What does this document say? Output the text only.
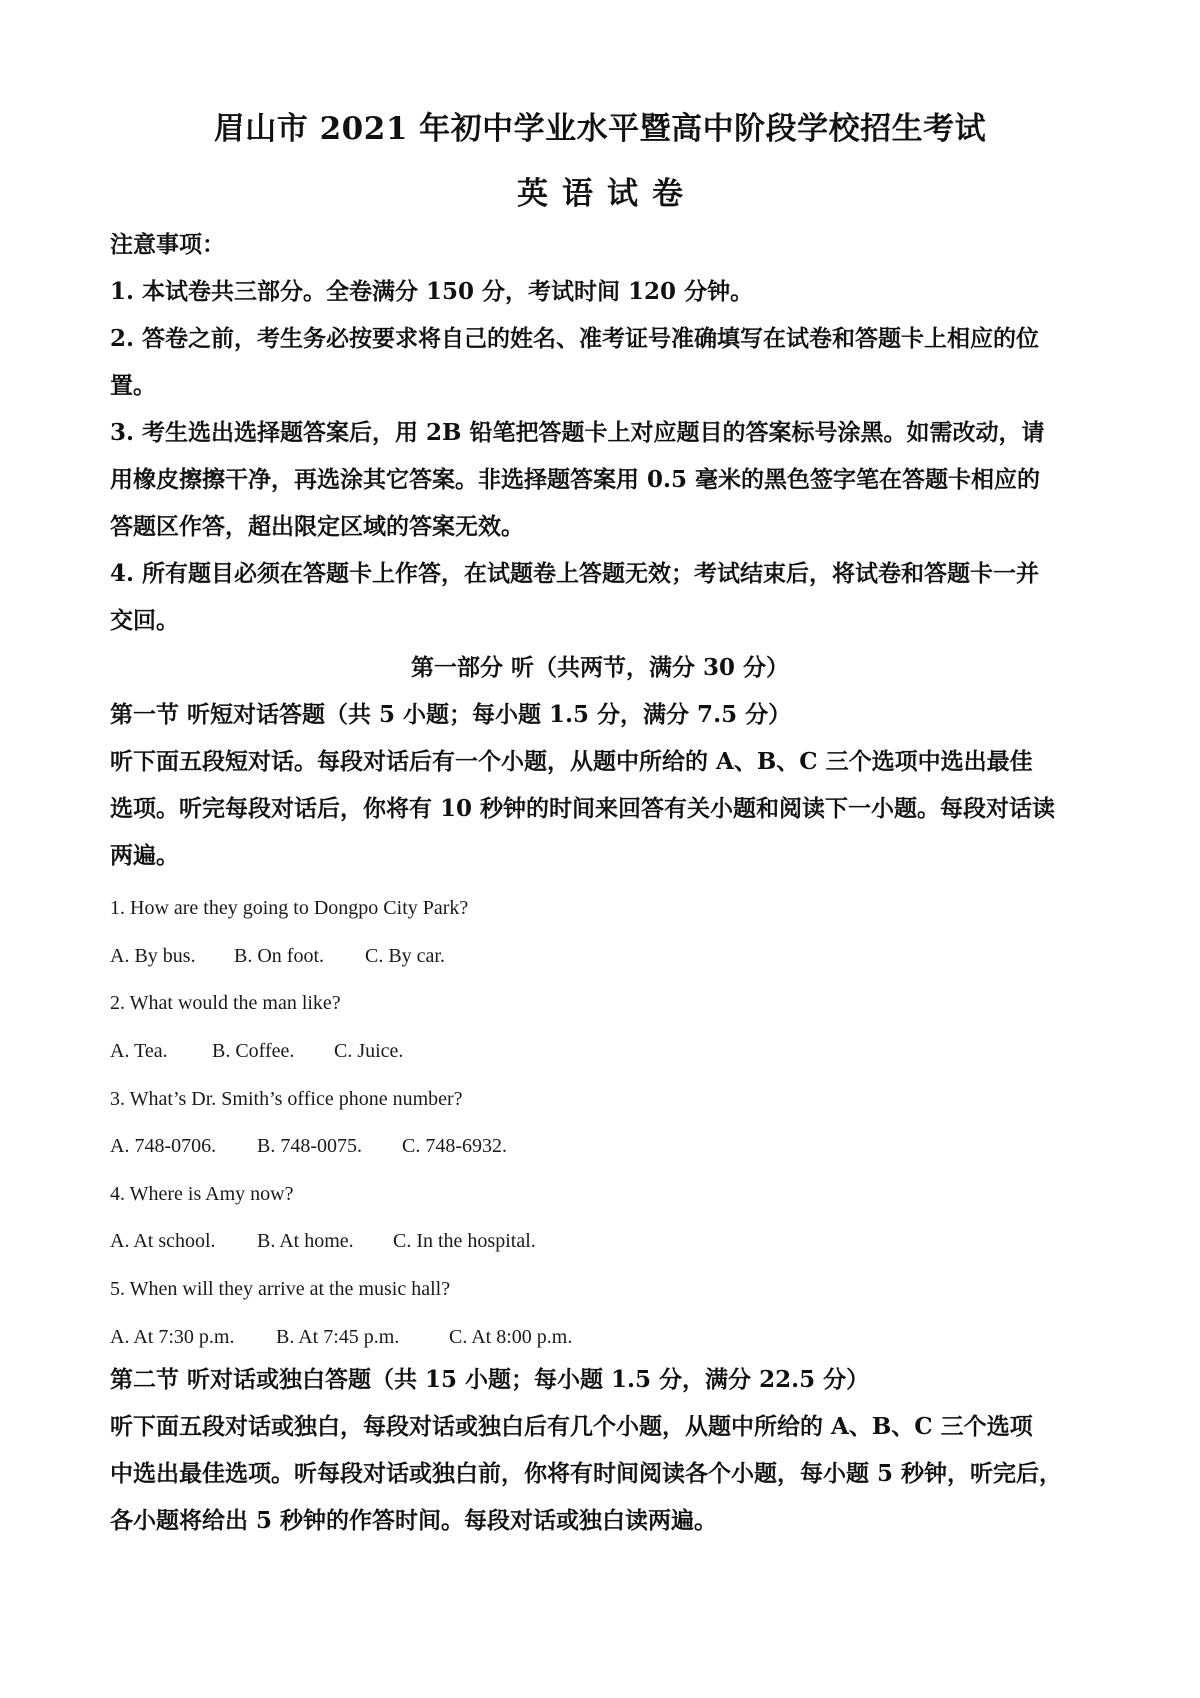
眉山市 2021 年初中学业水平暨高中阶段学校招生考试
英语试卷
注意事项：
1. 本试卷共三部分。全卷满分 150 分，考试时间 120 分钟。
2. 答卷之前，考生务必按要求将自己的姓名、准考证号准确填写在试卷和答题卡上相应的位
置。
3. 考生选出选择题答案后，用 2B 铅笔把答题卡上对应题目的答案标号涂黑。如需改动，请
用橡皮擦擦干净，再选涂其它答案。非选择题答案用 0.5 毫米的黑色签字笔在答题卡相应的
答题区作答，超出限定区域的答案无效。
4. 所有题目必须在答题卡上作答，在试题卷上答题无效；考试结束后，将试卷和答题卡一并
交回。
第一部分 听（共两节，满分 30 分）
第一节 听短对话答题（共 5 小题；每小题 1.5 分，满分 7.5 分）
听下面五段短对话。每段对话后有一个小题，从题中所给的 A、B、C 三个选项中选出最佳
选项。听完每段对话后，你将有 10 秒钟的时间来回答有关小题和阅读下一小题。每段对话读
两遍。
1. How are they going to Dongpo City Park?
A. By bus. B. On foot. C. By car.
2. What would the man like?
A. Tea. B. Coffee. C. Juice.
3. What’s Dr. Smith’s office phone number?
A. 748-0706. B. 748-0075. C. 748-6932.
4. Where is Amy now?
A. At school. B. At home. C. In the hospital.
5. When will they arrive at the music hall?
A. At 7:30 p.m. B. At 7:45 p.m. C. At 8:00 p.m.
第二节 听对话或独白答题（共 15 小题；每小题 1.5 分，满分 22.5 分）
听下面五段对话或独白，每段对话或独白后有几个小题，从题中所给的 A、B、C 三个选项
中选出最佳选项。听每段对话或独白前，你将有时间阅读各个小题，每小题 5 秒钟，听完后，
各小题将给出 5 秒钟的作答时间。每段对话或独白读两遍。
